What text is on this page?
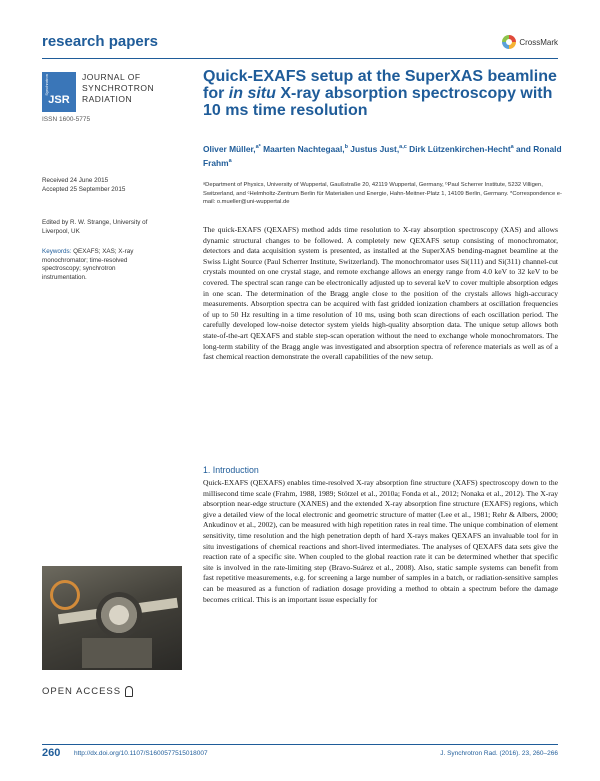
research papers	CrossMark
Synchrotron
JSR
JOURNAL OF
SYNCHROTRON
RADIATION
ISSN 1600-5775
Quick-EXAFS setup at the SuperXAS beamline for in situ X-ray absorption spectroscopy with 10 ms time resolution
Oliver Müller,$^{a*}$ Maarten Nachtegaal,$^b$ Justus Just,$^{a,c}$ Dirk Lützenkirchen-Hecht$^a$ and Ronald Frahm$^a$
ᵃDepartment of Physics, University of Wuppertal, Gaußstraße 20, 42119 Wuppertal, Germany, ᵇPaul Scherrer Institute, 5232 Villigen, Switzerland, and ᶜHelmholtz-Zentrum Berlin für Materialien und Energie, Hahn-Meitner-Platz 1, 14109 Berlin, Germany. *Correspondence e-mail: o.mueller@uni-wuppertal.de
Received 24 June 2015
Accepted 25 September 2015
Edited by R. W. Strange, University of Liverpool, UK
Keywords: QEXAFS; XAS; X-ray monochromator; time-resolved spectroscopy; synchrotron instrumentation.
The quick-EXAFS (QEXAFS) method adds time resolution to X-ray absorption spectroscopy (XAS) and allows dynamic structural changes to be followed. A completely new QEXAFS setup consisting of monochromator, detectors and data acquisition system is presented, as installed at the SuperXAS bending-magnet beamline at the Swiss Light Source (Paul Scherrer Institute, Switzerland). The monochromator uses Si(111) and Si(311) channel-cut crystals mounted on one crystal stage, and remote exchange allows an energy range from 4.0 keV to 32 keV to be covered. The spectral scan range can be electronically adjusted up to several keV to cover multiple absorption edges in one scan. The determination of the Bragg angle close to the position of the crystals allows high-accuracy measurements. Absorption spectra can be acquired with fast gridded ionization chambers at oscillation frequencies of up to 50 Hz resulting in a time resolution of 10 ms, using both scan directions of each oscillation period. The carefully developed low-noise detector system yields high-quality absorption data. The unique setup allows both state-of-the-art QEXAFS and stable step-scan operation without the need to exchange whole monochromators. The long-term stability of the Bragg angle was investigated and absorption spectra of reference materials as well as of a fast chemical reaction demonstrate the overall capabilities of the new setup.
1. Introduction
Quick-EXAFS (QEXAFS) enables time-resolved X-ray absorption fine structure (XAFS) spectroscopy down to the millisecond time scale (Frahm, 1988, 1989; Stötzel et al., 2010a; Fonda et al., 2012; Nonaka et al., 2012). The X-ray absorption near-edge structure (XANES) and the extended X-ray absorption fine structure (EXAFS) regions, which give a detailed view of the local electronic and geometric structure of matter (Lee et al., 1981; Rehr & Albers, 2000; Ankudinov et al., 2002), can be measured with high repetition rates in real time. The unique combination of element sensitivity, time resolution and the high penetration depth of hard X-rays makes QEXAFS an invaluable tool for in situ investigations of chemical reactions and short-lived intermediates. The analyses of QEXAFS data sets give the reaction rate of a specific site. When coupled to the global reaction rate it can be determined whether that specific site is involved in the rate-limiting step (Bravo-Suárez et al., 2008). Also, static sample systems can benefit from fast repetitive measurements, e.g. for screening a large number of samples in a batch, or radiation-sensitive samples can be measured as a function of radiation dosage providing a method to obtain a spectrum before the damage becomes critical. This is an important issue especially for
OPEN ACCESS
260 http://dx.doi.org/10.1107/S1600577515018007	J. Synchrotron Rad. (2016). 23, 260–266
